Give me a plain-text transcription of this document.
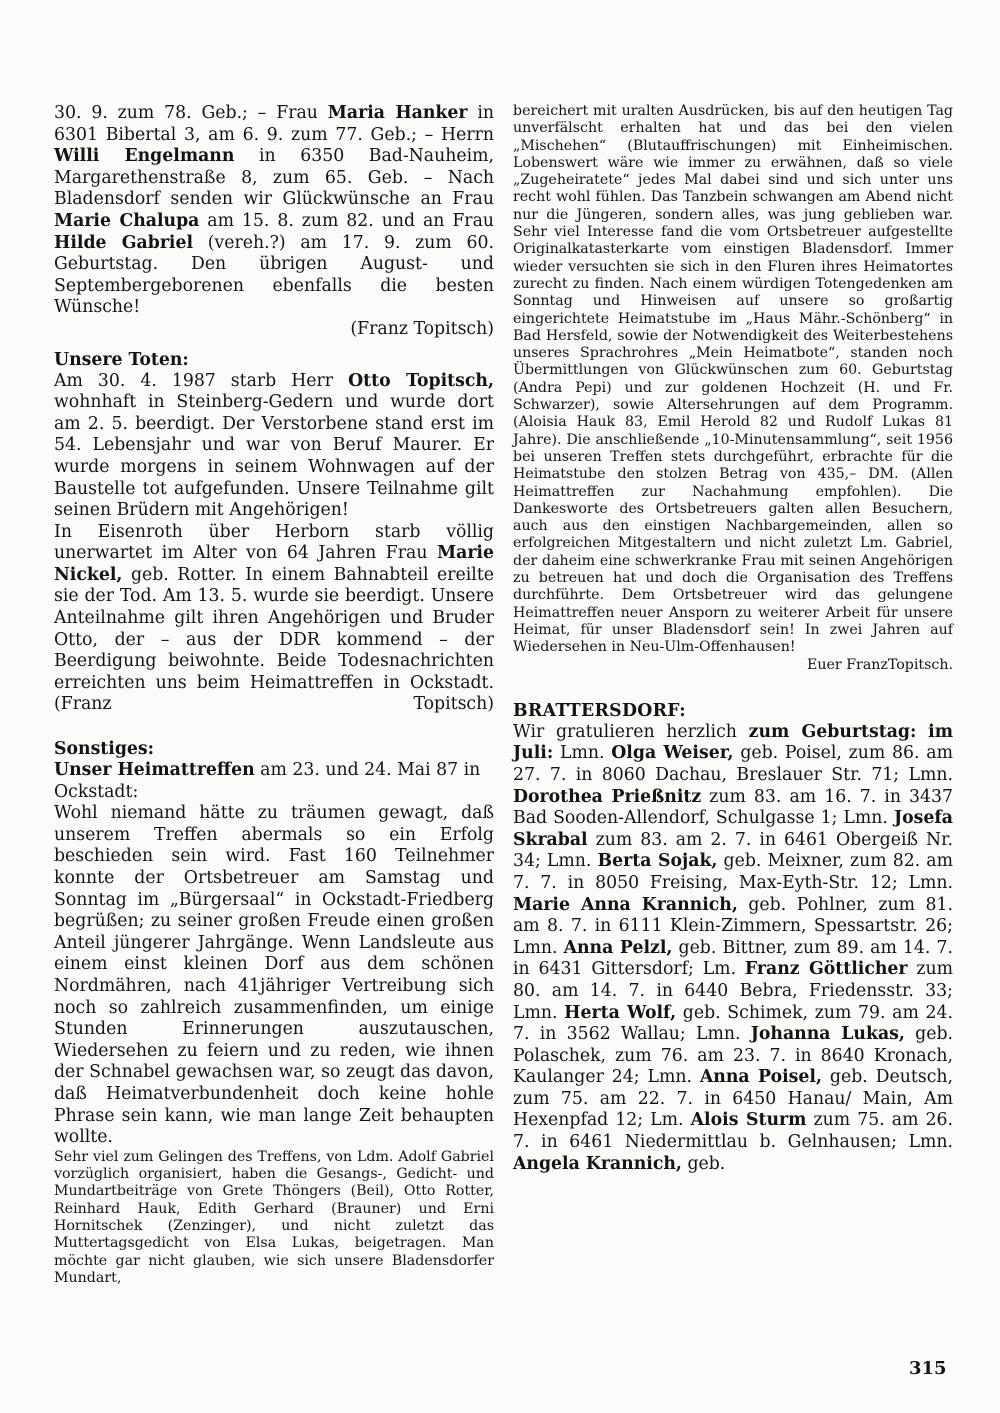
30. 9. zum 78. Geb.; – Frau Maria Hanker in 6301 Bibertal 3, am 6. 9. zum 77. Geb.; – Herrn Willi Engelmann in 6350 Bad-Nauheim, Margarethenstraße 8, zum 65. Geb. – Nach Bladensdorf senden wir Glückwünsche an Frau Marie Chalupa am 15. 8. zum 82. und an Frau Hilde Gabriel (vereh.?) am 17. 9. zum 60. Geburtstag. Den übrigen August- und Septembergeborenen ebenfalls die besten Wünsche!

(Franz Topitsch)

Unsere Toten:

Am 30. 4. 1987 starb Herr Otto Topitsch, wohnhaft in Steinberg-Gedern und wurde dort am 2. 5. beerdigt. Der Verstorbene stand erst im 54. Lebensjahr und war von Beruf Maurer. Er wurde morgens in seinem Wohnwagen auf der Baustelle tot aufgefunden. Unsere Teilnahme gilt seinen Brüdern mit Angehörigen!

In Eisenroth über Herborn starb völlig unerwartet im Alter von 64 Jahren Frau Marie Nickel, geb. Rotter. In einem Bahnabteil ereilte sie der Tod. Am 13. 5. wurde sie beerdigt. Unsere Anteilnahme gilt ihren Angehörigen und Bruder Otto, der – aus der DDR kommend – der Beerdigung beiwohnte. Beide Todesnachrichten erreichten uns beim Heimattreffen in Ockstadt. (Franz Topitsch)

Sonstiges:

Unser Heimattreffen am 23. und 24. Mai 87 in Ockstadt:

Wohl niemand hätte zu träumen gewagt, daß unserem Treffen abermals so ein Erfolg beschieden sein wird. Fast 160 Teilnehmer konnte der Ortsbetreuer am Samstag und Sonntag im „Bürgersaal“ in Ockstadt-Friedberg begrüßen; zu seiner großen Freude einen großen Anteil jüngerer Jahrgänge. Wenn Landsleute aus einem einst kleinen Dorf aus dem schönen Nordmähren, nach 41jähriger Vertreibung sich noch so zahlreich zusammenfinden, um einige Stunden Erinnerungen auszutauschen, Wiedersehen zu feiern und zu reden, wie ihnen der Schnabel gewachsen war, so zeugt das davon, daß Heimatverbundenheit doch keine hohle Phrase sein kann, wie man lange Zeit behaupten wollte.

Sehr viel zum Gelingen des Treffens, von Ldm. Adolf Gabriel vorzüglich organisiert, haben die Gesangs-, Gedicht- und Mundartbeiträge von Grete Thöngers (Beil), Otto Rotter, Reinhard Hauk, Edith Gerhard (Brauner) und Erni Hornitschek (Zenzinger), und nicht zuletzt das Muttertagsgedicht von Elsa Lukas, beigetragen. Man möchte gar nicht glauben, wie sich unsere Bladensdorfer Mundart,

bereichert mit uralten Ausdrücken, bis auf den heutigen Tag unverfälscht erhalten hat und das bei den vielen „Mischehen“ (Blutauffrischungen) mit Einheimischen. Lobenswert wäre wie immer zu erwähnen, daß so viele „Zugeheiratete“ jedes Mal dabei sind und sich unter uns recht wohl fühlen. Das Tanzbein schwangen am Abend nicht nur die Jüngeren, sondern alles, was jung geblieben war. Sehr viel Interesse fand die vom Ortsbetreuer aufgestellte Originalkatasterkarte vom einstigen Bladensdorf. Immer wieder versuchten sie sich in den Fluren ihres Heimatortes zurecht zu finden. Nach einem würdigen Totengedenken am Sonntag und Hinweisen auf unsere so großartig eingerichtete Heimatstube im „Haus Mähr.-Schönberg“ in Bad Hersfeld, sowie der Notwendigkeit des Weiterbestehens unseres Sprachrohres „Mein Heimatbote“, standen noch Übermittlungen von Glückwünschen zum 60. Geburtstag (Andra Pepi) und zur goldenen Hochzeit (H. und Fr. Schwarzer), sowie Altersehrungen auf dem Programm. (Aloisia Hauk 83, Emil Herold 82 und Rudolf Lukas 81 Jahre). Die anschließende „10-Minutensammlung“, seit 1956 bei unseren Treffen stets durchgeführt, erbrachte für die Heimatstube den stolzen Betrag von 435,– DM. (Allen Heimattreffen zur Nachahmung empfohlen). Die Dankesworte des Ortsbetreuers galten allen Besuchern, auch aus den einstigen Nachbargemeinden, allen so erfolgreichen Mitgestaltern und nicht zuletzt Lm. Gabriel, der daheim eine schwerkranke Frau mit seinen Angehörigen zu betreuen hat und doch die Organisation des Treffens durchführte. Dem Ortsbetreuer wird das gelungene Heimattreffen neuer Ansporn zu weiterer Arbeit für unsere Heimat, für unser Bladensdorf sein! In zwei Jahren auf Wiedersehen in Neu-Ulm-Offenhausen!

Euer FranzTopitsch.

BRATTERSDORF:

Wir gratulieren herzlich zum Geburtstag: im Juli: Lmn. Olga Weiser, geb. Poisel, zum 86. am 27. 7. in 8060 Dachau, Breslauer Str. 71; Lmn. Dorothea Prießnitz zum 83. am 16. 7. in 3437 Bad Sooden-Allendorf, Schulgasse 1; Lmn. Josefa Skrabal zum 83. am 2. 7. in 6461 Obergeiß Nr. 34; Lmn. Berta Sojak, geb. Meixner, zum 82. am 7. 7. in 8050 Freising, Max-Eyth-Str. 12; Lmn. Marie Anna Krannich, geb. Pohlner, zum 81. am 8. 7. in 6111 Klein-Zimmern, Spessartstr. 26; Lmn. Anna Pelzl, geb. Bittner, zum 89. am 14. 7. in 6431 Gittersdorf; Lm. Franz Göttlicher zum 80. am 14. 7. in 6440 Bebra, Friedensstr. 33; Lmn. Herta Wolf, geb. Schimek, zum 79. am 24. 7. in 3562 Wallau; Lmn. Johanna Lukas, geb. Polaschek, zum 76. am 23. 7. in 8640 Kronach, Kaulanger 24; Lmn. Anna Poisel, geb. Deutsch, zum 75. am 22. 7. in 6450 Hanau/ Main, Am Hexenpfad 12; Lm. Alois Sturm zum 75. am 26. 7. in 6461 Niedermittlau b. Gelnhausen; Lmn. Angela Krannich, geb.

315
